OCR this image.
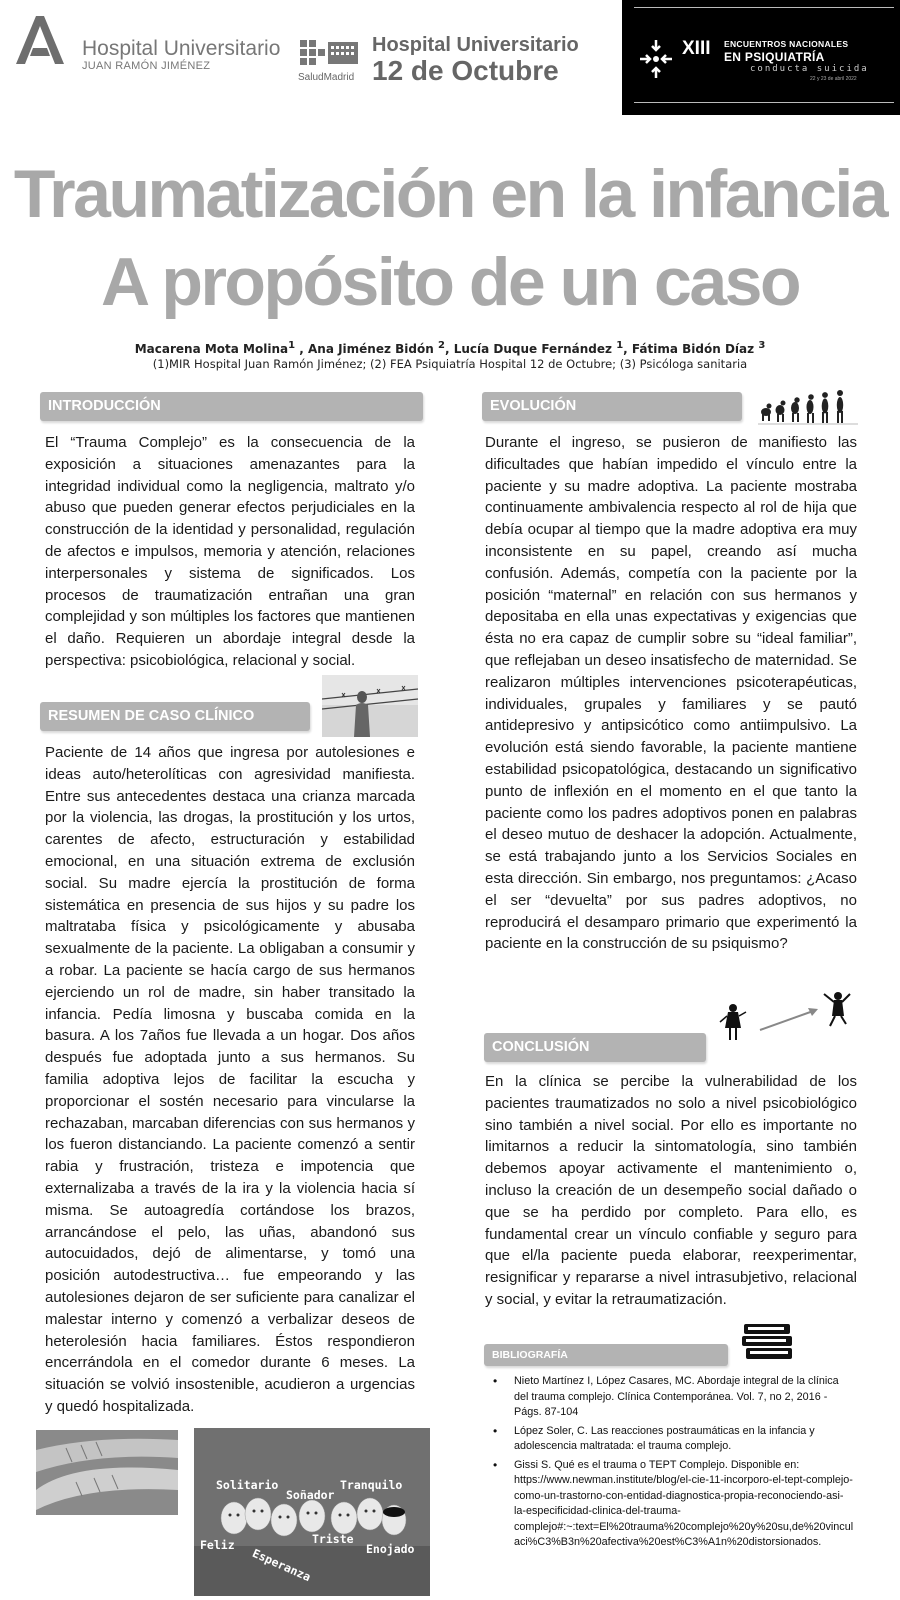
Hospital Universitario
JUAN RAMÓN JIMÉNEZ
SaludMadrid
Hospital Universitario
12 de Octubre
XIII ENCUENTROS NACIONALES
EN PSIQUIATRÍA
conducta suicida
22 y 23 de abril 2022
Traumatización en la infancia
A propósito de un caso
Macarena Mota Molina$^1$ , Ana Jiménez Bidón $^2$, Lucía Duque Fernández $^1$, Fátima Bidón Díaz $^3$
(1)MIR Hospital Juan Ramón Jiménez; (2) FEA Psiquiatría Hospital 12 de Octubre; (3) Psicóloga sanitaria
INTRODUCCIÓN
El “Trauma Complejo” es la consecuencia de la exposición a situaciones amenazantes para la integridad individual como la negligencia, maltrato y/o abuso que pueden generar efectos perjudiciales en la construcción de la identidad y personalidad, regulación de afectos e impulsos, memoria y atención, relaciones interpersonales y sistema de significados. Los procesos de traumatización entrañan una gran complejidad y son múltiples los factores que mantienen el daño. Requieren un abordaje integral desde la perspectiva: psicobiológica, relacional y social.
RESUMEN DE CASO CLÍNICO
Paciente de 14 años que ingresa por autolesiones e ideas auto/heterolíticas con agresividad manifiesta. Entre sus antecedentes destaca una crianza marcada por la violencia, las drogas, la prostitución y los urtos, carentes de afecto, estructuración y estabilidad emocional, en una situación extrema de exclusión social. Su madre ejercía la prostitución de forma sistemática en presencia de sus hijos y su padre los maltrataba física y psicológicamente y abusaba sexualmente de la paciente. La obligaban a consumir y a robar. La paciente se hacía cargo de sus hermanos ejerciendo un rol de madre, sin haber transitado la infancia. Pedía limosna y buscaba comida en la basura. A los 7años fue llevada a un hogar. Dos años después fue adoptada junto a sus hermanos. Su familia adoptiva lejos de facilitar la escucha y proporcionar el sostén necesario para vincularse la rechazaban, marcaban diferencias con sus hermanos y los fueron distanciando. La paciente comenzó a sentir rabia y frustración, tristeza e impotencia que externalizaba a través de la ira y la violencia hacia sí misma. Se autoagredía cortándose los brazos, arrancándose el pelo, las uñas, abandonó sus autocuidados, dejó de alimentarse, y tomó una posición autodestructiva… fue empeorando y las autolesiones dejaron de ser suficiente para canalizar el malestar interno y comenzó a verbalizar deseos de heterolesión hacia familiares. Éstos respondieron encerrándola en el comedor durante 6 meses. La situación se volvió insostenible, acudieron a urgencias y quedó hospitalizada.
Solitario
Soñador
Tranquilo
Feliz
Esperanza
Triste
Enojado
EVOLUCIÓN
Durante el ingreso, se pusieron de manifiesto las dificultades que habían impedido el vínculo entre la paciente y su madre adoptiva. La paciente mostraba continuamente ambivalencia respecto al rol de hija que debía ocupar al tiempo que la madre adoptiva era muy inconsistente en su papel, creando así mucha confusión. Además, competía con la paciente por la posición “maternal” en relación con sus hermanos y depositaba en ella unas expectativas y exigencias que ésta no era capaz de cumplir sobre su “ideal familiar”, que reflejaban un deseo insatisfecho de maternidad. Se realizaron múltiples intervenciones psicoterapéuticas, individuales, grupales y familiares y se pautó antidepresivo y antipsicótico como antiimpulsivo. La evolución está siendo favorable, la paciente mantiene estabilidad psicopatológica, destacando un significativo punto de inflexión en el momento en el que tanto la paciente como los padres adoptivos ponen en palabras el deseo mutuo de deshacer la adopción. Actualmente, se está trabajando junto a los Servicios Sociales en esta dirección. Sin embargo, nos preguntamos: ¿Acaso el ser “devuelta” por sus padres adoptivos, no reproducirá el desamparo primario que experimentó la paciente en la construcción de su psiquismo?
CONCLUSIÓN
En la clínica se percibe la vulnerabilidad de los pacientes traumatizados no solo a nivel psicobiológico sino también a nivel social. Por ello es importante no limitarnos a reducir la sintomatología, sino también debemos apoyar activamente el mantenimiento o, incluso la creación de un desempeño social dañado o que se ha perdido por completo. Para ello, es fundamental crear un vínculo confiable y seguro para que el/la paciente pueda elaborar, reexperimentar, resignificar y repararse a nivel intrasubjetivo, relacional y social, y evitar la retraumatización.
BIBLIOGRAFÍA
• Nieto Martínez I, López Casares, MC. Abordaje integral de la clínica del trauma complejo. Clínica Contemporánea. Vol. 7, no 2, 2016 - Págs. 87-104
• López Soler, C. Las reacciones postraumáticas en la infancia y adolescencia maltratada: el trauma complejo.
• Gissi S. Qué es el trauma o TEPT Complejo. Disponible en: https://www.newman.institute/blog/el-cie-11-incorporo-el-tept-complejo-como-un-trastorno-con-entidad-diagnostica-propia-reconociendo-asi-la-especificidad-clinica-del-trauma-complejo#:~:text=El%20trauma%20complejo%20y%20su,de%20vinculaci%C3%B3n%20afectiva%20est%C3%A1n%20distorsionados.
